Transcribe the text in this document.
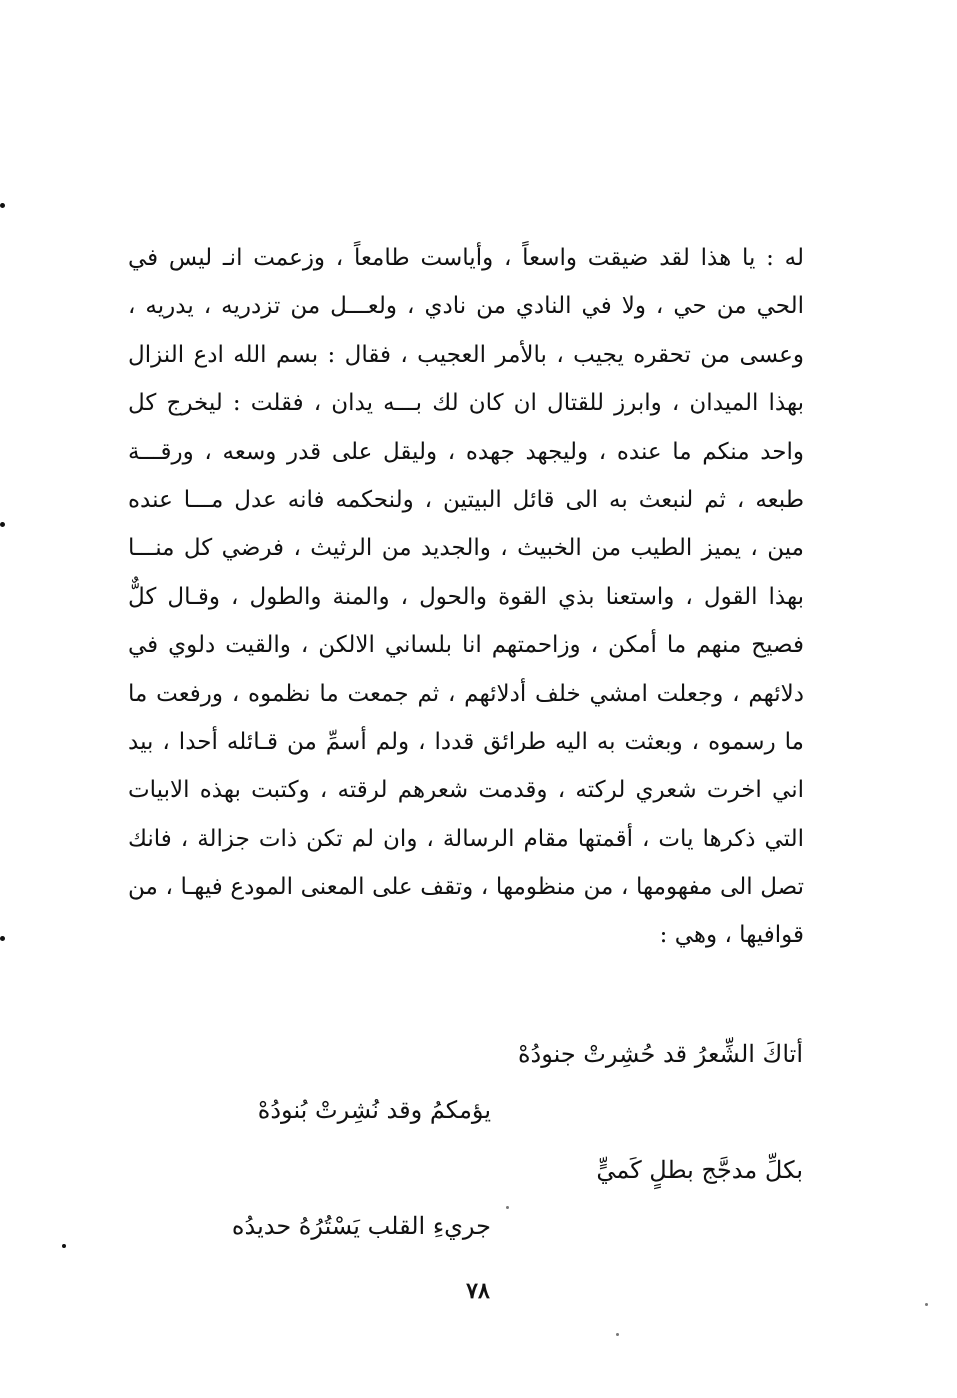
له : يا هذا لقد ضيقت واسعاً ، وأياست طامعاً ، وزعمت انـ ليس في
الحي من حي ، ولا في النادي من نادي ، ولعـــل من تزدريه ، يدريه ،
وعسى من تحقره يجيب ، بالأمر العجيب ، فقال : بسم الله ادع النزال
بهذا الميدان ، وابرز للقتال ان كان لك بـــه يدان ، فقلت : ليخرج كل
واحد منكم ما عنده ، وليجهد جهده ، وليقل على قدر وسعه ، ورقـــة
طبعه ، ثم لنبعث به الى قائل البيتين ، ولنحكمه فانه عدل مـــا عنده
مين ، يميز الطيب من الخبيث ، والجديد من الرثيث ، فرضي كل منـــا
بهذا القول ، واستعنا بذي القوة والحول ، والمنة والطول ، وقـال كلٌّ
فصيح منهم ما أمكن ، وزاحمتهم انا بلساني الالكن ، والقيت دلوي في
دلائهم ، وجعلت امشي خلف أدلائهم ، ثم جمعت ما نظموه ، ورفعت ما
ما رسموه ، وبعثت به اليه طرائق قددا ، ولم أسمِّ من قـائله أحدا ، بيد
اني اخرت شعري لركته ، وقدمت شعرهم لرقته ، وكتبت بهذه الابيات
التي ذكرها يات ، أقمتها مقام الرسالة ، وان لم تكن ذات جزالة ، فانك
تصل الى مفهومها ، من منظومها ، وتقف على المعنى المودع فيهـا ، من
قوافيها ، وهي :
أتاكَ الشِّعرُ قد حُشِرتْ جنودُهْ
يؤمكمُ وقد نُشِرتْ بُنودُهْ
بكلِّ مدجَّج بطلٍ كَميٍّ
جريءِ القلب يَسْتُرُهُ حديدُه
٧٨
